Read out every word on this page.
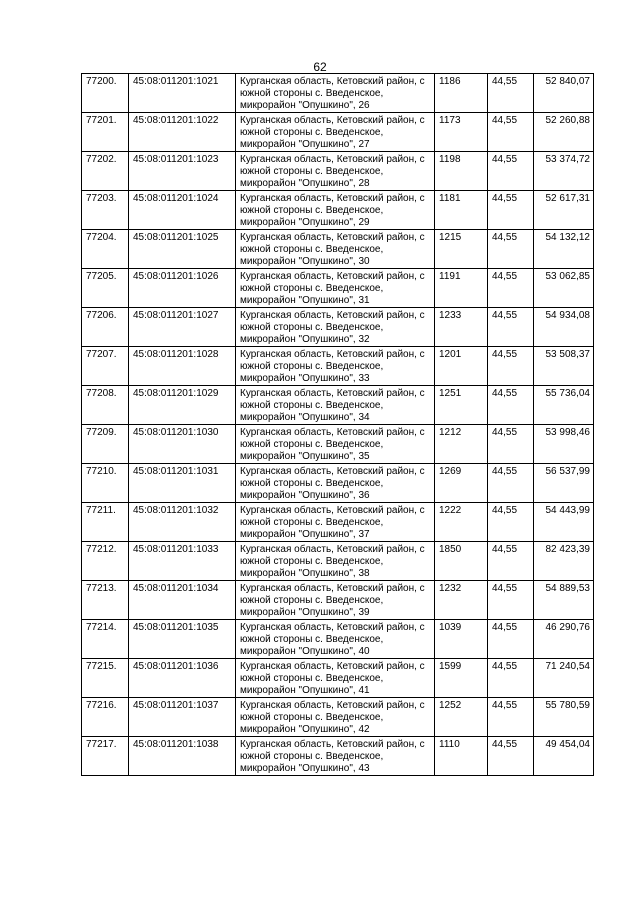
62
77200.	45:08:011201:1021	Курганская область, Кетовский район, с южной стороны с. Введенское, микрорайон "Опушкино", 26	1186	44,55	52 840,07
77201.	45:08:011201:1022	Курганская область, Кетовский район, с южной стороны с. Введенское, микрорайон "Опушкино", 27	1173	44,55	52 260,88
77202.	45:08:011201:1023	Курганская область, Кетовский район, с южной стороны с. Введенское, микрорайон "Опушкино", 28	1198	44,55	53 374,72
77203.	45:08:011201:1024	Курганская область, Кетовский район, с южной стороны с. Введенское, микрорайон "Опушкино", 29	1181	44,55	52 617,31
77204.	45:08:011201:1025	Курганская область, Кетовский район, с южной стороны с. Введенское, микрорайон "Опушкино", 30	1215	44,55	54 132,12
77205.	45:08:011201:1026	Курганская область, Кетовский район, с южной стороны с. Введенское, микрорайон "Опушкино", 31	1191	44,55	53 062,85
77206.	45:08:011201:1027	Курганская область, Кетовский район, с южной стороны с. Введенское, микрорайон "Опушкино", 32	1233	44,55	54 934,08
77207.	45:08:011201:1028	Курганская область, Кетовский район, с южной стороны с. Введенское, микрорайон "Опушкино", 33	1201	44,55	53 508,37
77208.	45:08:011201:1029	Курганская область, Кетовский район, с южной стороны с. Введенское, микрорайон "Опушкино", 34	1251	44,55	55 736,04
77209.	45:08:011201:1030	Курганская область, Кетовский район, с южной стороны с. Введенское, микрорайон "Опушкино", 35	1212	44,55	53 998,46
77210.	45:08:011201:1031	Курганская область, Кетовский район, с южной стороны с. Введенское, микрорайон "Опушкино", 36	1269	44,55	56 537,99
77211.	45:08:011201:1032	Курганская область, Кетовский район, с южной стороны с. Введенское, микрорайон "Опушкино", 37	1222	44,55	54 443,99
77212.	45:08:011201:1033	Курганская область, Кетовский район, с южной стороны с. Введенское, микрорайон "Опушкино", 38	1850	44,55	82 423,39
77213.	45:08:011201:1034	Курганская область, Кетовский район, с южной стороны с. Введенское, микрорайон "Опушкино", 39	1232	44,55	54 889,53
77214.	45:08:011201:1035	Курганская область, Кетовский район, с южной стороны с. Введенское, микрорайон "Опушкино", 40	1039	44,55	46 290,76
77215.	45:08:011201:1036	Курганская область, Кетовский район, с южной стороны с. Введенское, микрорайон "Опушкино", 41	1599	44,55	71 240,54
77216.	45:08:011201:1037	Курганская область, Кетовский район, с южной стороны с. Введенское, микрорайон "Опушкино", 42	1252	44,55	55 780,59
77217.	45:08:011201:1038	Курганская область, Кетовский район, с южной стороны с. Введенское, микрорайон "Опушкино", 43	1110	44,55	49 454,04
